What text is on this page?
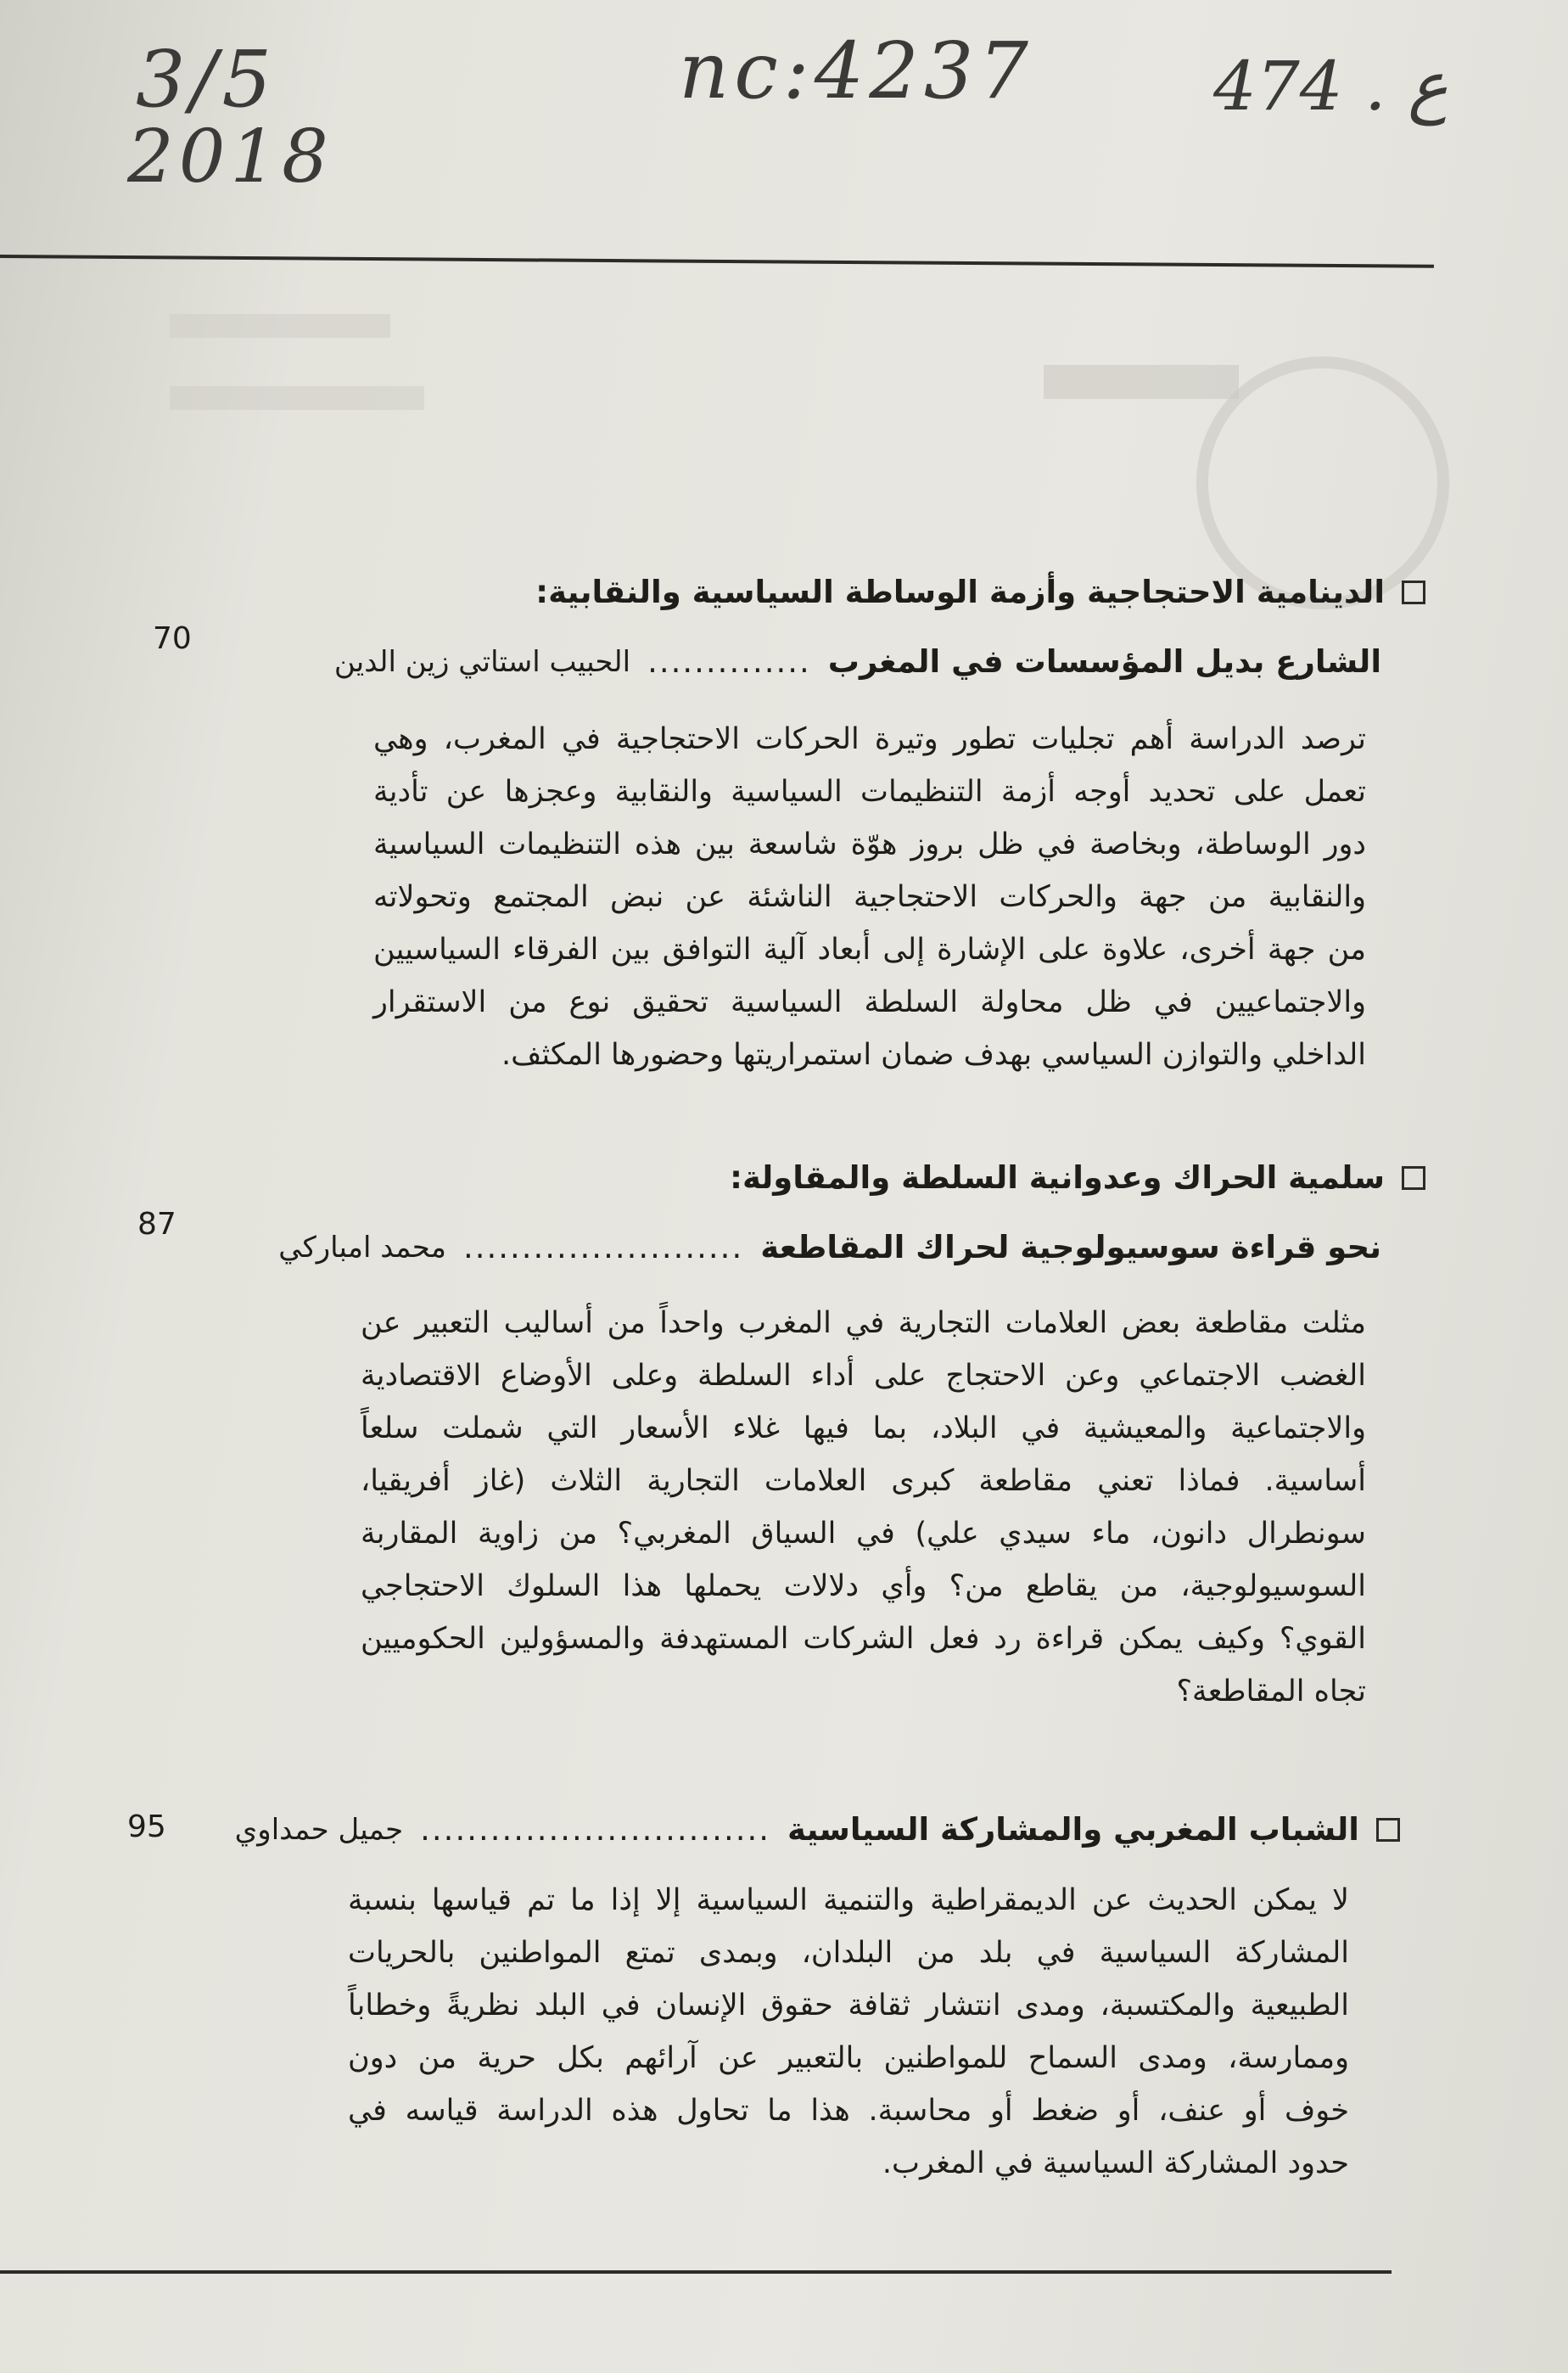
3/5
2018
nc:4237	474 . ع
الدينامية الاحتجاجية وأزمة الوساطة السياسية والنقابية:
الشارع بديل المؤسسات في المغرب
..............
الحبيب استاتي زين الدين
70
ترصد الدراسة أهم تجليات تطور وتيرة الحركات الاحتجاجية في المغرب، وهي
تعمل على تحديد أوجه أزمة التنظيمات السياسية والنقابية وعجزها عن تأدية
دور الوساطة، وبخاصة في ظل بروز هوّة شاسعة بين هذه التنظيمات السياسية
والنقابية من جهة والحركات الاحتجاجية الناشئة عن نبض المجتمع وتحولاته
من جهة أخرى، علاوة على الإشارة إلى أبعاد آلية التوافق بين الفرقاء السياسيين
والاجتماعيين في ظل محاولة السلطة السياسية تحقيق نوع من الاستقرار
الداخلي والتوازن السياسي بهدف ضمان استمراريتها وحضورها المكثف.
سلمية الحراك وعدوانية السلطة والمقاولة:
نحو قراءة سوسيولوجية لحراك المقاطعة
........................
محمد امباركي
87
مثلت مقاطعة بعض العلامات التجارية في المغرب واحداً من أساليب التعبير عن
الغضب الاجتماعي وعن الاحتجاج على أداء السلطة وعلى الأوضاع الاقتصادية
والاجتماعية والمعيشية في البلاد، بما فيها غلاء الأسعار التي شملت سلعاً
أساسية. فماذا تعني مقاطعة كبرى العلامات التجارية الثلاث (غاز أفريقيا،
سونطرال دانون، ماء سيدي علي) في السياق المغربي؟ من زاوية المقاربة
السوسيولوجية، من يقاطع من؟ وأي دلالات يحملها هذا السلوك الاحتجاجي
القوي؟ وكيف يمكن قراءة رد فعل الشركات المستهدفة والمسؤولين الحكوميين
تجاه المقاطعة؟
الشباب المغربي والمشاركة السياسية
..............................
جميل حمداوي
95
لا يمكن الحديث عن الديمقراطية والتنمية السياسية إلا إذا ما تم قياسها بنسبة
المشاركة السياسية في بلد من البلدان، وبمدى تمتع المواطنين بالحريات
الطبيعية والمكتسبة، ومدى انتشار ثقافة حقوق الإنسان في البلد نظريةً وخطاباً
وممارسة، ومدى السماح للمواطنين بالتعبير عن آرائهم بكل حرية من دون
خوف أو عنف، أو ضغط أو محاسبة. هذا ما تحاول هذه الدراسة قياسه في
حدود المشاركة السياسية في المغرب.
